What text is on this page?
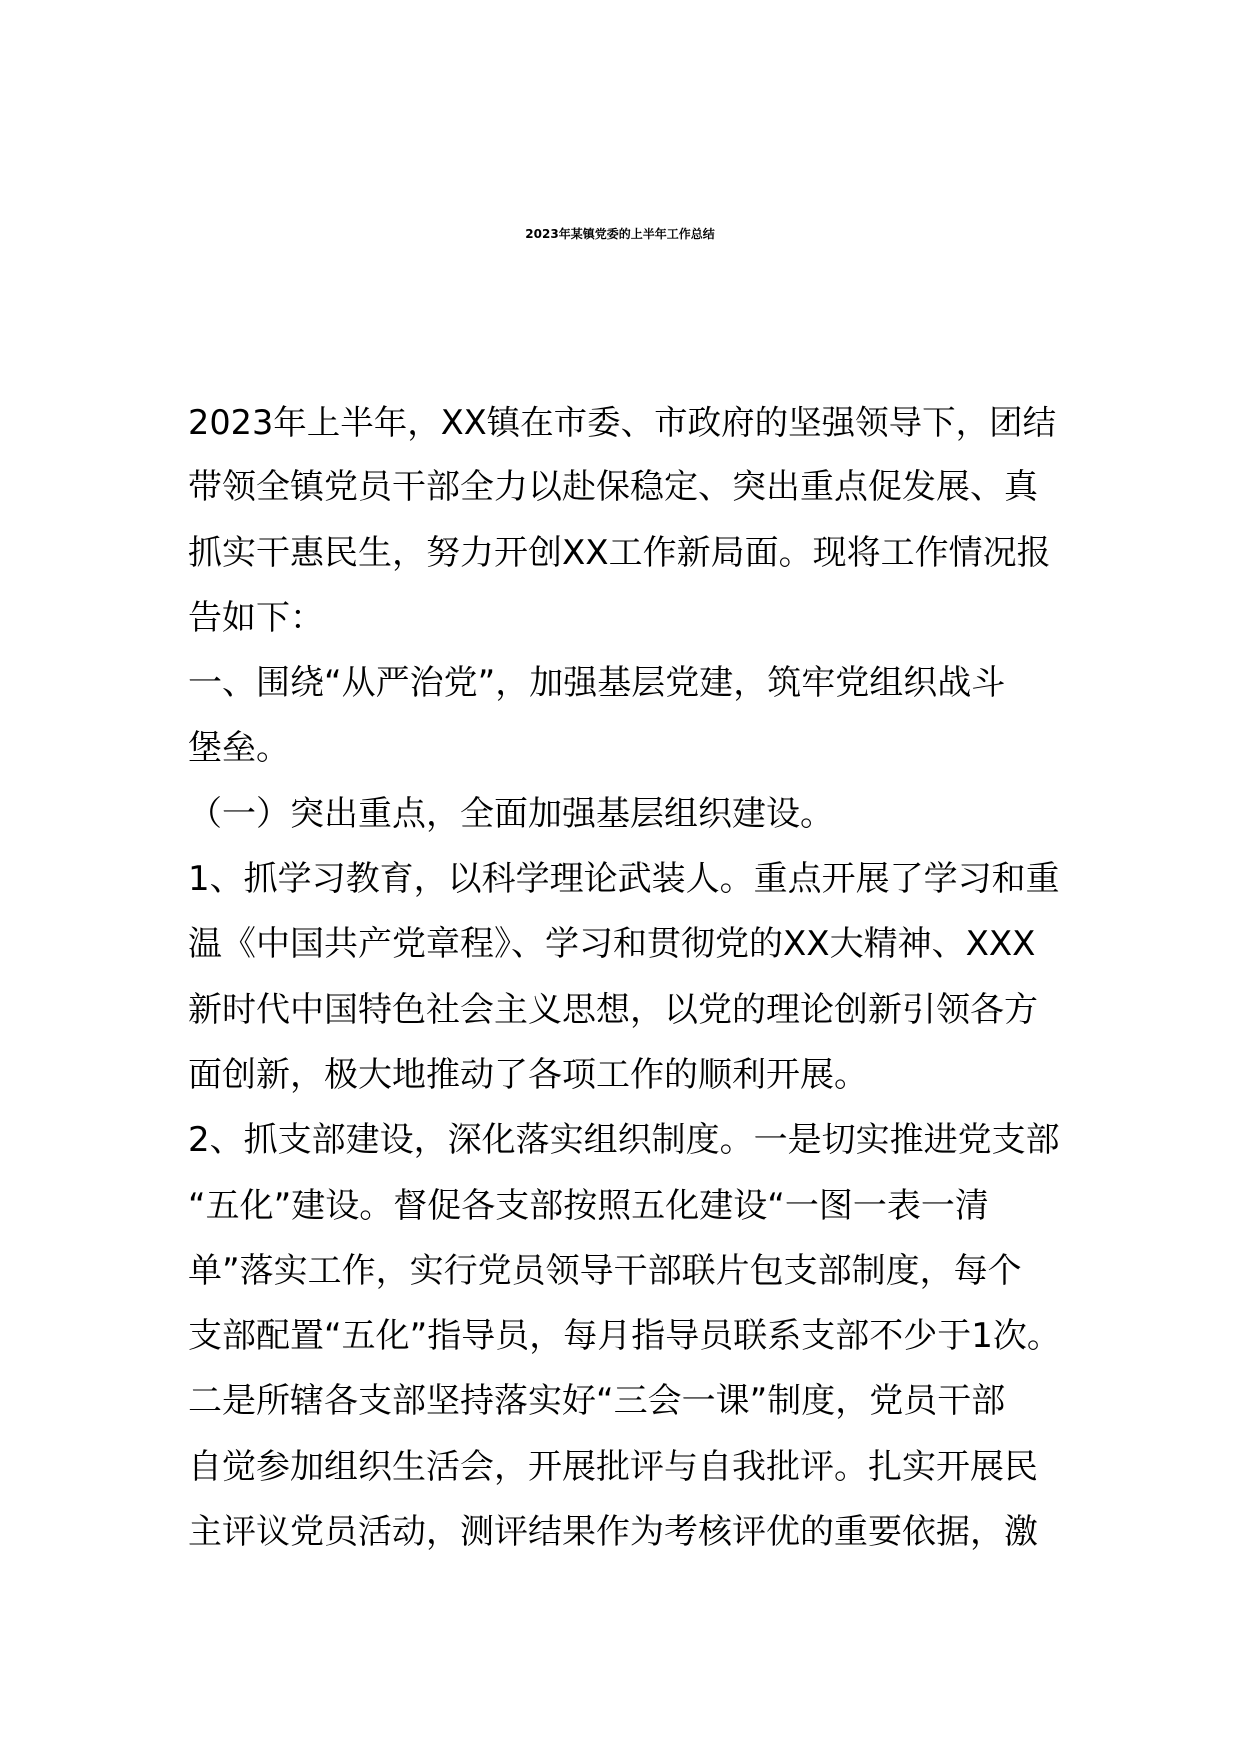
2023年某镇党委的上半年工作总结
2023年上半年，XX镇在市委、市政府的坚强领导下，团结
带领全镇党员干部全力以赴保稳定、突出重点促发展、真
抓实干惠民生，努力开创XX工作新局面。现将工作情况报
告如下：
一、围绕“从严治党”，加强基层党建，筑牢党组织战斗
堡垒。
（一）突出重点，全面加强基层组织建设。
1、抓学习教育，以科学理论武装人。重点开展了学习和重
温《中国共产党章程》、学习和贯彻党的XX大精神、XXX
新时代中国特色社会主义思想，以党的理论创新引领各方
面创新，极大地推动了各项工作的顺利开展。
2、抓支部建设，深化落实组织制度。一是切实推进党支部
“五化”建设。督促各支部按照五化建设“一图一表一清
单”落实工作，实行党员领导干部联片包支部制度，每个
支部配置“五化”指导员，每月指导员联系支部不少于1次。
二是所辖各支部坚持落实好“三会一课”制度，党员干部
自觉参加组织生活会，开展批评与自我批评。扎实开展民
主评议党员活动，测评结果作为考核评优的重要依据，激
